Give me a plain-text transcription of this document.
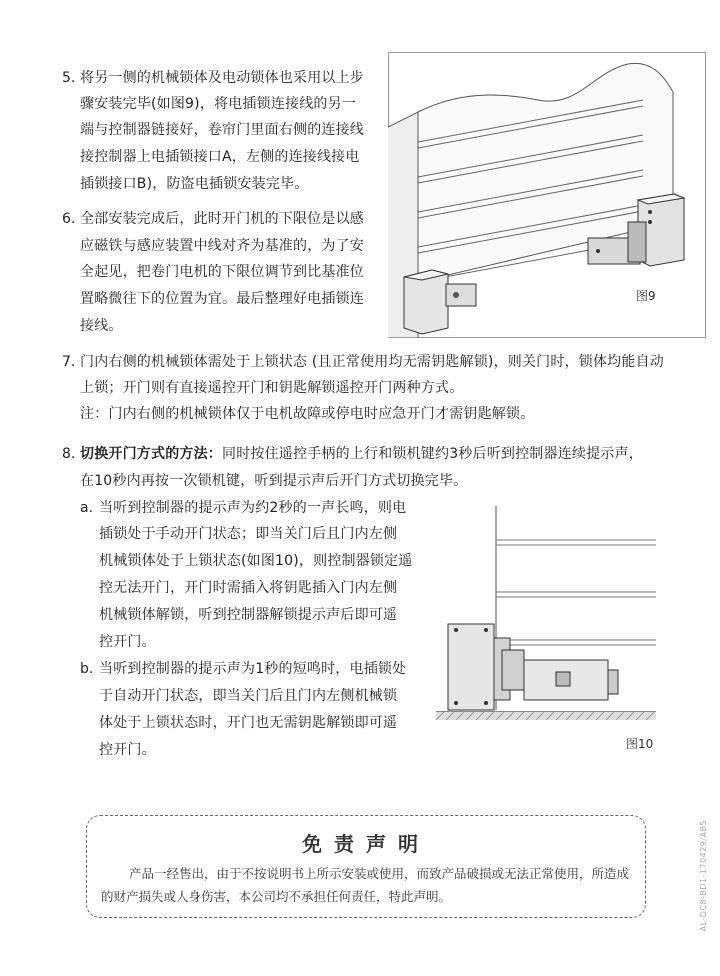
5. 将另一侧的机械锁体及电动锁体也采用以上步

骤安装完毕(如图9)，将电插锁连接线的另一

端与控制器链接好，卷帘门里面右侧的连接线

接控制器上电插锁接口A，左侧的连接线接电

插锁接口B)，防盗电插锁安装完毕。

6. 全部安装完成后，此时开门机的下限位是以感

应磁铁与感应装置中线对齐为基准的，为了安

全起见，把卷门电机的下限位调节到比基准位

置略微往下的位置为宜。最后整理好电插锁连

接线。

图9
7. 门内右侧的机械锁体需处于上锁状态 (且正常使用均无需钥匙解锁)，则关门时，锁体均能自动

上锁；开门则有直接遥控开门和钥匙解锁遥控开门两种方式。

注：门内右侧的机械锁体仅于电机故障或停电时应急开门才需钥匙解锁。

8. 切换开门方式的方法：同时按住遥控手柄的上行和锁机键约3秒后听到控制器连续提示声，

在10秒内再按一次锁机键，听到提示声后开门方式切换完毕。

a. 当听到控制器的提示声为约2秒的一声长鸣，则电

插锁处于手动开门状态；即当关门后且门内左侧

机械锁体处于上锁状态(如图10)，则控制器锁定遥

控无法开门，开门时需插入将钥匙插入门内左侧

机械锁体解锁，听到控制器解锁提示声后即可遥

控开门。

b. 当听到控制器的提示声为1秒的短鸣时，电插锁处

于自动开门状态，即当关门后且门内左侧机械锁

体处于上锁状态时，开门也无需钥匙解锁即可遥

控开门。	图10
免责声明
产品一经售出，由于不按说明书上所示安装或使用，而致产品破损或无法正常使用，所造成的财产损失或人身伤害，本公司均不承担任何责任，特此声明。	AL-DC8-BD1-170429/ABS
